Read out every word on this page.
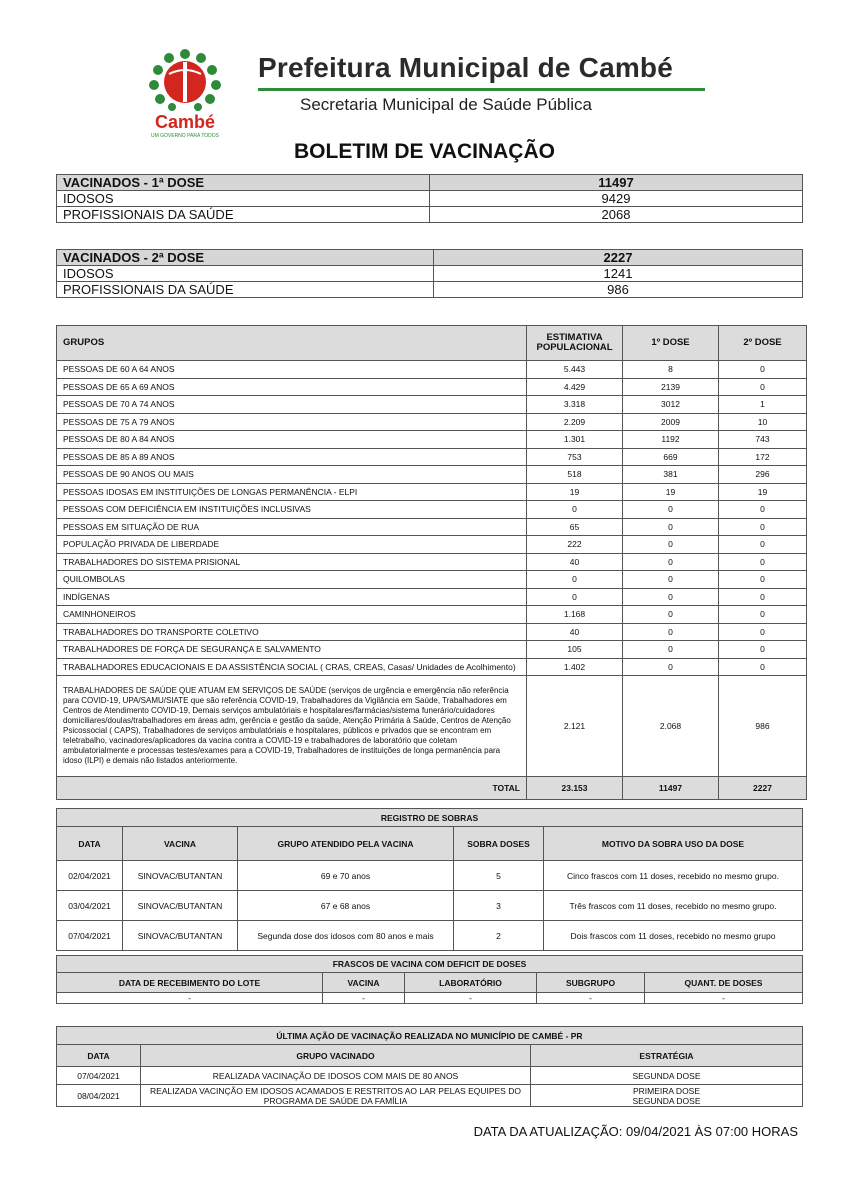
Cambé
UM GOVERNO PARA TODOS
Prefeitura Municipal de Cambé
Secretaria Municipal de Saúde Pública
BOLETIM DE VACINAÇÃO
VACINADOS - 1ª DOSE	11497
IDOSOS	9429
PROFISSIONAIS DA SAÚDE	2068
VACINADOS - 2ª DOSE	2227
IDOSOS	1241
PROFISSIONAIS DA SAÚDE	986
GRUPOS	ESTIMATIVA POPULACIONAL	1º DOSE	2º DOSE
PESSOAS DE 60 A 64 ANOS	5.443	8	0
PESSOAS DE 65 A 69 ANOS	4.429	2139	0
PESSOAS DE 70 A 74 ANOS	3.318	3012	1
PESSOAS DE 75 A 79 ANOS	2.209	2009	10
PESSOAS DE 80 A 84 ANOS	1.301	1192	743
PESSOAS DE 85 A 89 ANOS	753	669	172
PESSOAS DE 90 ANOS OU MAIS	518	381	296
PESSOAS IDOSAS EM INSTITUIÇÕES DE LONGAS PERMANÊNCIA - ELPI	19	19	19
PESSOAS COM DEFICIÊNCIA EM INSTITUIÇÕES INCLUSIVAS	0	0	0
PESSOAS EM SITUAÇÃO DE RUA	65	0	0
POPULAÇÃO PRIVADA DE LIBERDADE	222	0	0
TRABALHADORES DO SISTEMA PRISIONAL	40	0	0
QUILOMBOLAS	0	0	0
INDÍGENAS	0	0	0
CAMINHONEIROS	1.168	0	0
TRABALHADORES DO TRANSPORTE COLETIVO	40	0	0
TRABALHADORES DE FORÇA DE SEGURANÇA E SALVAMENTO	105	0	0
TRABALHADORES EDUCACIONAIS E DA ASSISTÊNCIA SOCIAL ( CRAS, CREAS, Casas/ Unidades de Acolhimento)	1.402	0	0
TRABALHADORES DE SAÚDE QUE ATUAM EM SERVIÇOS DE SAÚDE (serviços de urgência e emergência não referência para COVID-19, UPA/SAMU/SIATE que são referência COVID-19, Trabalhadores da Vigilância em Saúde, Trabalhadores em Centros de Atendimento COVID-19, Demais serviços ambulatóriais e hospitalares/farmácias/sistema funerário/cuidadores domiciliares/doulas/trabalhadores em áreas adm, gerência e gestão da saúde, Atenção Primária à Saúde, Centros de Atenção Psicossocial ( CAPS), Trabalhadores de serviços ambulatóriais e hospitalares, públicos e privados que se encontram em teletrabalho, vacinadores/aplicadores da vacina contra a COVID-19 e trabalhadores de laboratório que coletam ambulatorialmente e processas testes/exames para a COVID-19, Trabalhadores de instituições de longa permanência para idoso (ILPI) e demais não listados anteriormente.	2.121	2.068	986
TOTAL	23.153	11497	2227
REGISTRO DE SOBRAS				
DATA	VACINA	GRUPO ATENDIDO PELA VACINA	SOBRA DOSES	MOTIVO DA SOBRA USO DA DOSE
02/04/2021	SINOVAC/BUTANTAN	69 e 70 anos	5	Cinco frascos com 11 doses, recebido no mesmo grupo.
03/04/2021	SINOVAC/BUTANTAN	67 e 68 anos	3	Três frascos com 11 doses, recebido no mesmo grupo.
07/04/2021	SINOVAC/BUTANTAN	Segunda dose dos idosos com 80 anos e mais	2	Dois frascos com 11 doses, recebido no mesmo grupo
FRASCOS DE VACINA COM DEFICIT DE DOSES				
DATA DE RECEBIMENTO DO LOTE	VACINA	LABORATÓRIO	SUBGRUPO	QUANT. DE DOSES
-	-	-	-	-
ÚLTIMA AÇÃO DE VACINAÇÃO REALIZADA NO MUNICÍPIO DE CAMBÉ - PR		
DATA	GRUPO VACINADO	ESTRATÉGIA
07/04/2021	REALIZADA VACINAÇÃO DE IDOSOS COM MAIS DE 80 ANOS	SEGUNDA DOSE
08/04/2021	REALIZADA VACINÇÃO EM IDOSOS ACAMADOS E RESTRITOS AO LAR PELAS EQUIPES DO PROGRAMA DE SAÚDE DA FAMÍLIA	PRIMEIRA DOSE
SEGUNDA DOSE
DATA DA ATUALIZAÇÃO: 09/04/2021 ÀS 07:00 HORAS
